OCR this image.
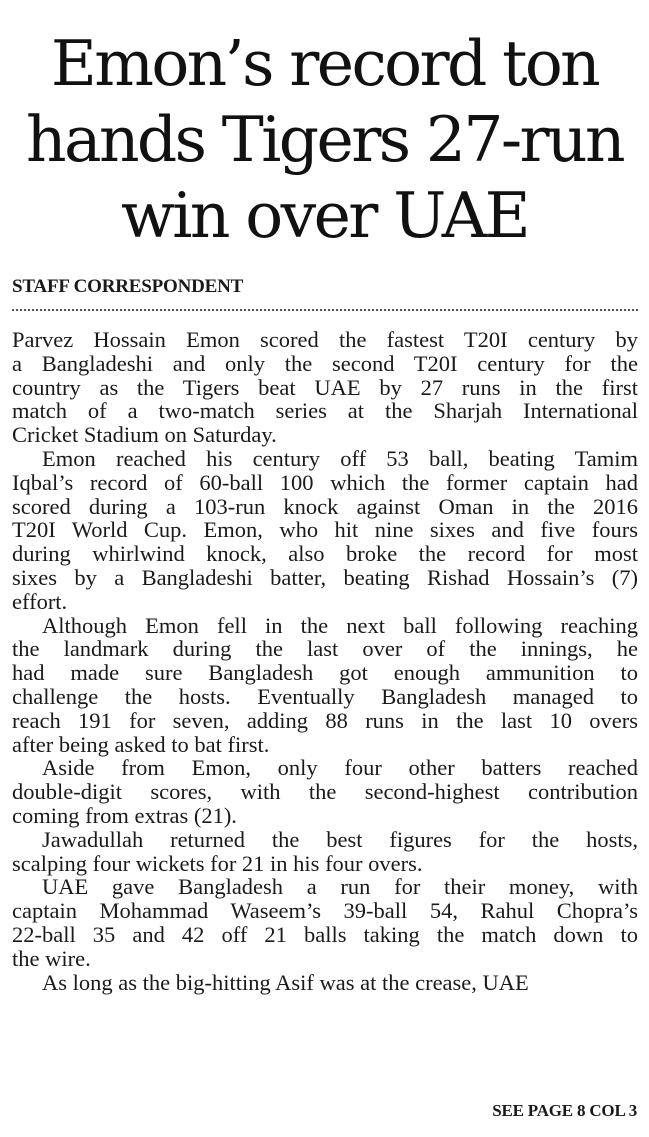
Emon’s record ton
hands Tigers 27-run
win over UAE
STAFF CORRESPONDENT
Parvez Hossain Emon scored the fastest T20I century by
a Bangladeshi and only the second T20I century for the
country as the Tigers beat UAE by 27 runs in the first
match of a two-match series at the Sharjah International
Cricket Stadium on Saturday.
Emon reached his century off 53 ball, beating Tamim
Iqbal’s record of 60-ball 100 which the former captain had
scored during a 103-run knock against Oman in the 2016
T20I World Cup. Emon, who hit nine sixes and five fours
during whirlwind knock, also broke the record for most
sixes by a Bangladeshi batter, beating Rishad Hossain’s (7)
effort.
Although Emon fell in the next ball following reaching
the landmark during the last over of the innings, he
had made sure Bangladesh got enough ammunition to
challenge the hosts. Eventually Bangladesh managed to
reach 191 for seven, adding 88 runs in the last 10 overs
after being asked to bat first.
Aside from Emon, only four other batters reached
double-digit scores, with the second-highest contribution
coming from extras (21).
Jawadullah returned the best figures for the hosts,
scalping four wickets for 21 in his four overs.
UAE gave Bangladesh a run for their money, with
captain Mohammad Waseem’s 39-ball 54, Rahul Chopra’s
22-ball 35 and 42 off 21 balls taking the match down to
the wire.
As long as the big-hitting Asif was at the crease, UAE
SEE PAGE 8 COL 3
